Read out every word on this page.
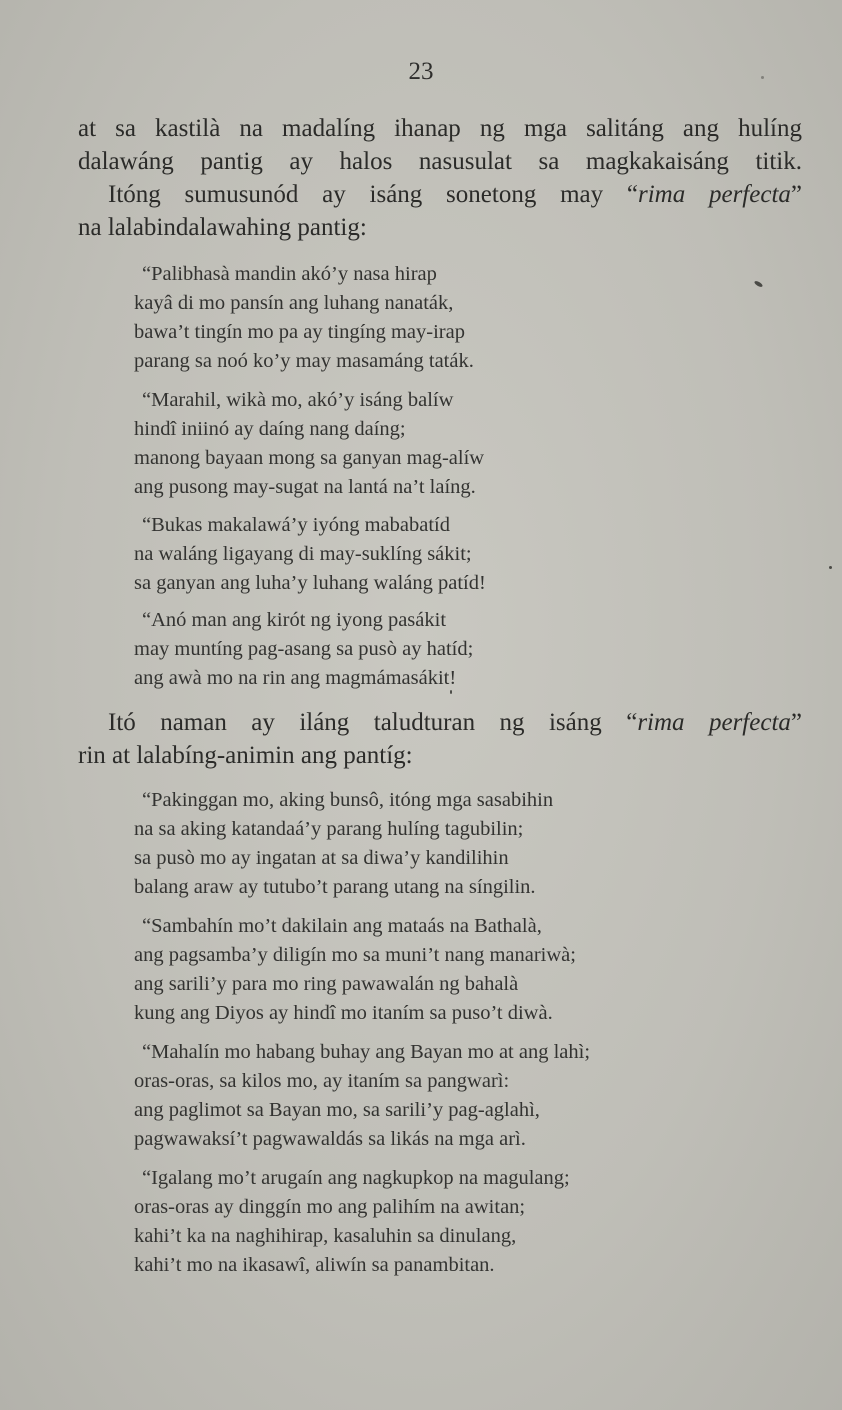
23
at sa kastilà na madalíng ihanap ng mga salitáng ang hulíng
dalawáng pantig ay halos nasusulat sa magkakaisáng titik.
Itóng sumusunód ay isáng sonetong may “rima perfecta”
na lalabindalawahing pantig:
“Palibhasà mandin akó’y nasa hirap
kayâ di mo pansín ang luhang nanaták,
bawa’t tingín mo pa ay tingíng may-irap
parang sa noó ko’y may masamáng taták.
“Marahil, wikà mo, akó’y isáng balíw
hindî iniinó ay daíng nang daíng;
manong bayaan mong sa ganyan mag-alíw
ang pusong may-sugat na lantá na’t laíng.
“Bukas makalawá’y iyóng mababatíd
na waláng ligayang di may-suklíng sákit;
sa ganyan ang luha’y luhang waláng patíd!
“Anó man ang kirót ng iyong pasákit
may muntíng pag-asang sa pusò ay hatíd;
ang awà mo na rin ang magmámasákit!
Itó naman ay iláng taludturan ng isáng “rima perfecta”
rin at lalabíng-animin ang pantíg:
“Pakinggan mo, aking bunsô, itóng mga sasabihin
na sa aking katandaá’y parang hulíng tagubilin;
sa pusò mo ay ingatan at sa diwa’y kandilihin
balang araw ay tutubo’t parang utang na síngilin.
“Sambahín mo’t dakilain ang mataás na Bathalà,
ang pagsamba’y diligín mo sa muni’t nang manariwà;
ang sarili’y para mo ring pawawalán ng bahalà
kung ang Diyos ay hindî mo itaním sa puso’t diwà.
“Mahalín mo habang buhay ang Bayan mo at ang lahì;
oras-oras, sa kilos mo, ay itaním sa pangwarì:
ang paglimot sa Bayan mo, sa sarili’y pag-aglahì,
pagwawaksí’t pagwawaldás sa likás na mga arì.
“Igalang mo’t arugaín ang nagkupkop na magulang;
oras-oras ay dinggín mo ang palihím na awitan;
kahi’t ka na naghihirap, kasaluhin sa dinulang,
kahi’t mo na ikasawî, aliwín sa panambitan.
